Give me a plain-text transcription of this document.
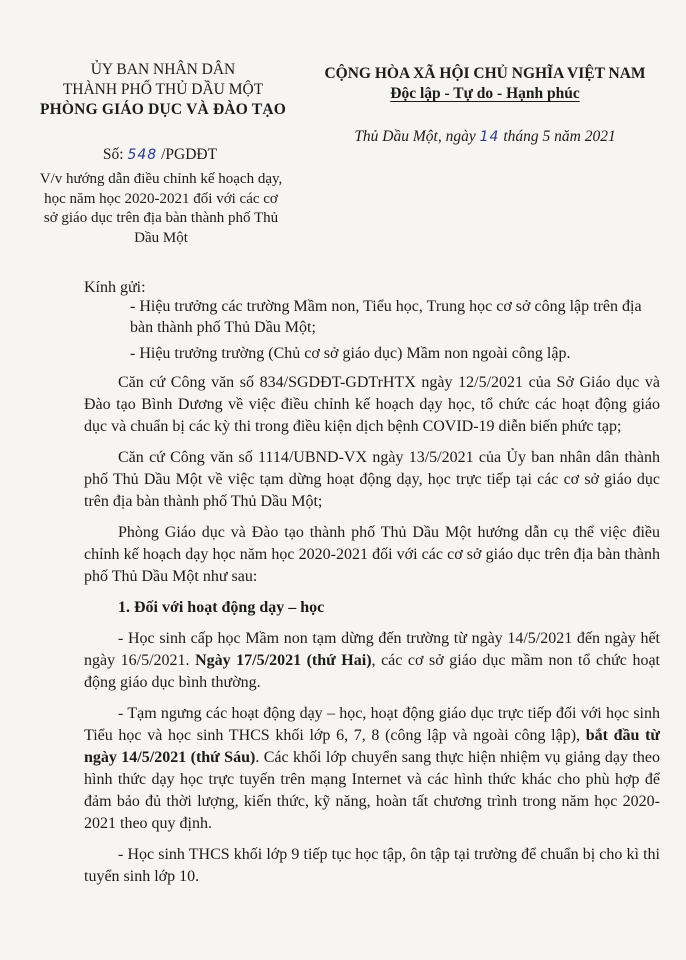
ỦY BAN NHÂN DÂN
THÀNH PHỐ THỦ DẦU MỘT
PHÒNG GIÁO DỤC VÀ ĐÀO TẠO
CỘNG HÒA XÃ HỘI CHỦ NGHĨA VIỆT NAM
Độc lập - Tự do - Hạnh phúc
Thủ Dầu Một, ngày 14 tháng 5 năm 2021
Số: 548 /PGDĐT
V/v hướng dẫn điều chỉnh kế hoạch dạy, học năm học 2020-2021 đối với các cơ sở giáo dục trên địa bàn thành phố Thủ Dầu Một
Kính gửi:

- Hiệu trưởng các trường Mầm non, Tiểu học, Trung học cơ sở công lập trên địa bàn thành phố Thủ Dầu Một;

- Hiệu trưởng trường (Chủ cơ sở giáo dục) Mầm non ngoài công lập.

Căn cứ Công văn số 834/SGDĐT-GDTrHTX ngày 12/5/2021 của Sở Giáo dục và Đào tạo Bình Dương về việc điều chỉnh kế hoạch dạy học, tổ chức các hoạt động giáo dục và chuẩn bị các kỳ thi trong điều kiện dịch bệnh COVID-19 diễn biến phức tạp;

Căn cứ Công văn số 1114/UBND-VX ngày 13/5/2021 của Ủy ban nhân dân thành phố Thủ Dầu Một về việc tạm dừng hoạt động dạy, học trực tiếp tại các cơ sở giáo dục trên địa bàn thành phố Thủ Dầu Một;

Phòng Giáo dục và Đào tạo thành phố Thủ Dầu Một hướng dẫn cụ thể việc điều chỉnh kế hoạch dạy học năm học 2020-2021 đối với các cơ sở giáo dục trên địa bàn thành phố Thủ Dầu Một như sau:

1. Đối với hoạt động dạy – học

- Học sinh cấp học Mầm non tạm dừng đến trường từ ngày 14/5/2021 đến ngày hết ngày 16/5/2021. Ngày 17/5/2021 (thứ Hai), các cơ sở giáo dục mầm non tổ chức hoạt động giáo dục bình thường.

- Tạm ngưng các hoạt động dạy – học, hoạt động giáo dục trực tiếp đối với học sinh Tiểu học và học sinh THCS khối lớp 6, 7, 8 (công lập và ngoài công lập), bắt đầu từ ngày 14/5/2021 (thứ Sáu). Các khối lớp chuyển sang thực hiện nhiệm vụ giảng dạy theo hình thức dạy học trực tuyến trên mạng Internet và các hình thức khác cho phù hợp để đảm bảo đủ thời lượng, kiến thức, kỹ năng, hoàn tất chương trình trong năm học 2020-2021 theo quy định.

- Học sinh THCS khối lớp 9 tiếp tục học tập, ôn tập tại trường để chuẩn bị cho kì thi tuyển sinh lớp 10.
